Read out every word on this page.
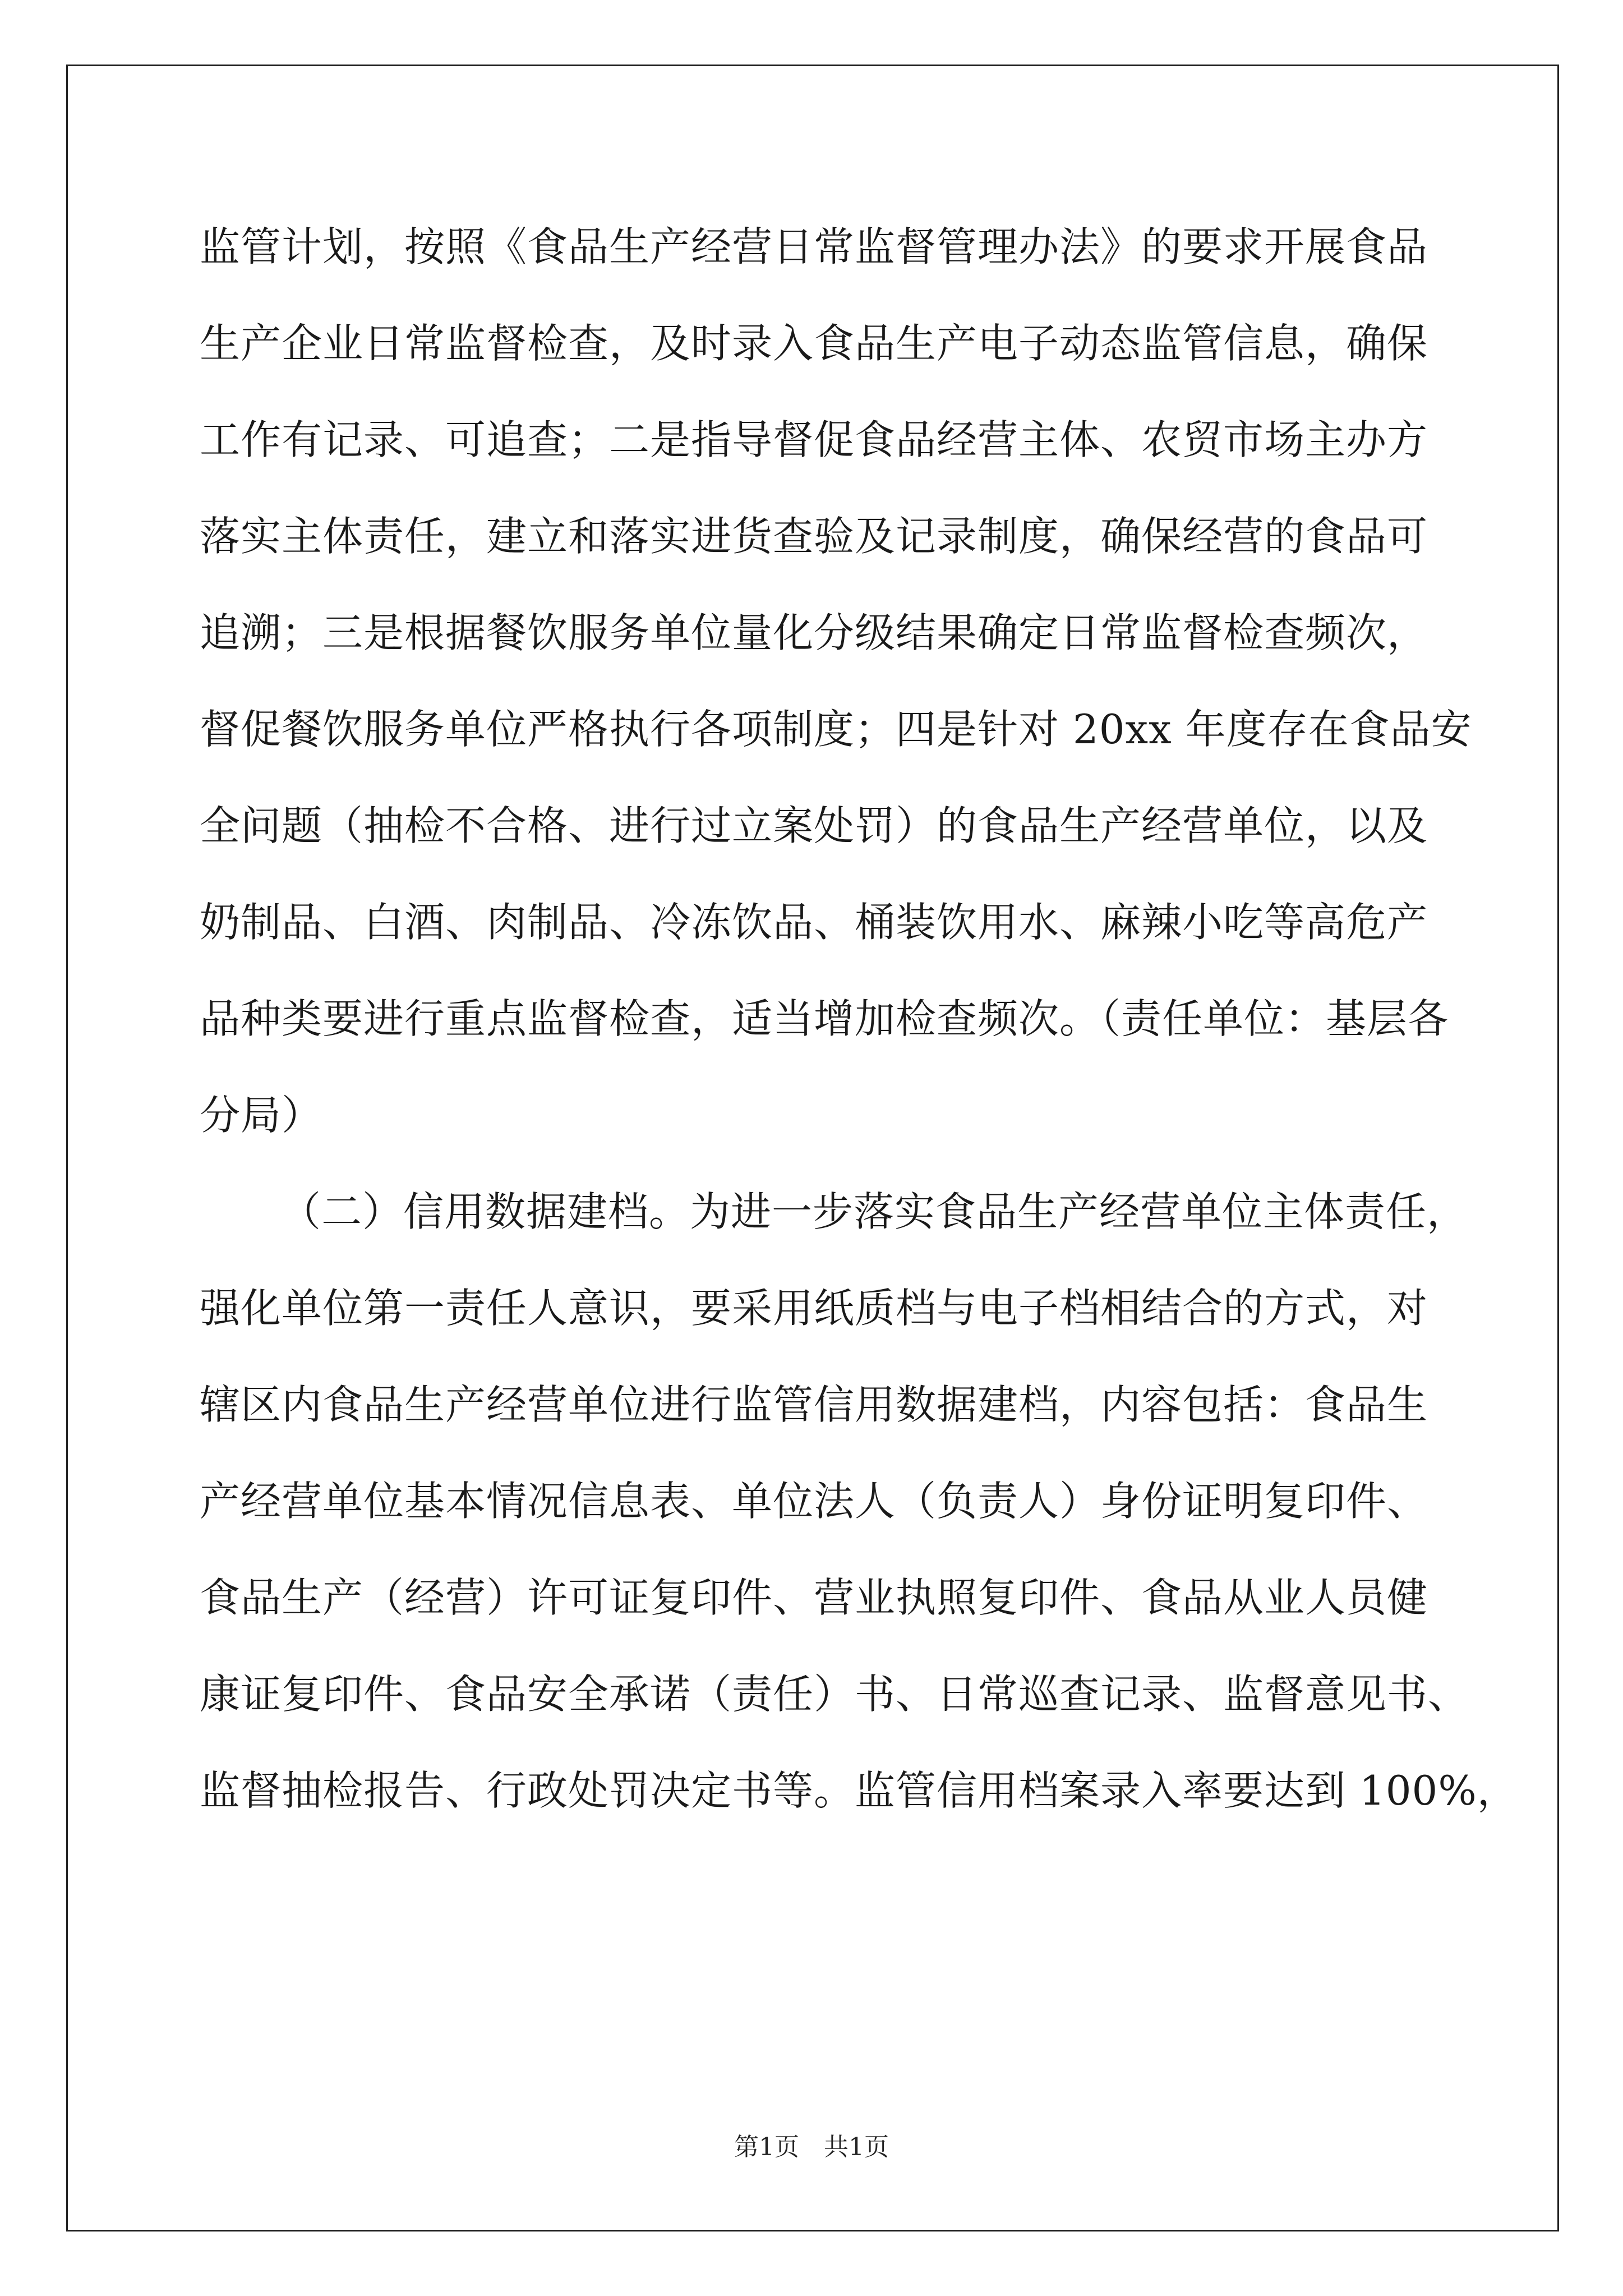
监管计划，按照《食品生产经营日常监督管理办法》的要求开展食品
生产企业日常监督检查，及时录入食品生产电子动态监管信息，确保
工作有记录、可追查；二是指导督促食品经营主体、农贸市场主办方
落实主体责任，建立和落实进货查验及记录制度，确保经营的食品可
追溯；三是根据餐饮服务单位量化分级结果确定日常监督检查频次，
督促餐饮服务单位严格执行各项制度；四是针对 20xx 年度存在食品安
全问题（抽检不合格、进行过立案处罚）的食品生产经营单位，以及
奶制品、白酒、肉制品、冷冻饮品、桶装饮用水、麻辣小吃等高危产
品种类要进行重点监督检查，适当增加检查频次。（责任单位：基层各
分局）
（二）信用数据建档。为进一步落实食品生产经营单位主体责任，
强化单位第一责任人意识，要采用纸质档与电子档相结合的方式，对
辖区内食品生产经营单位进行监管信用数据建档，内容包括：食品生
产经营单位基本情况信息表、单位法人（负责人）身份证明复印件、
食品生产（经营）许可证复印件、营业执照复印件、食品从业人员健
康证复印件、食品安全承诺（责任）书、日常巡查记录、监督意见书、
监督抽检报告、行政处罚决定书等。监管信用档案录入率要达到 100%，
第1页　共1页
